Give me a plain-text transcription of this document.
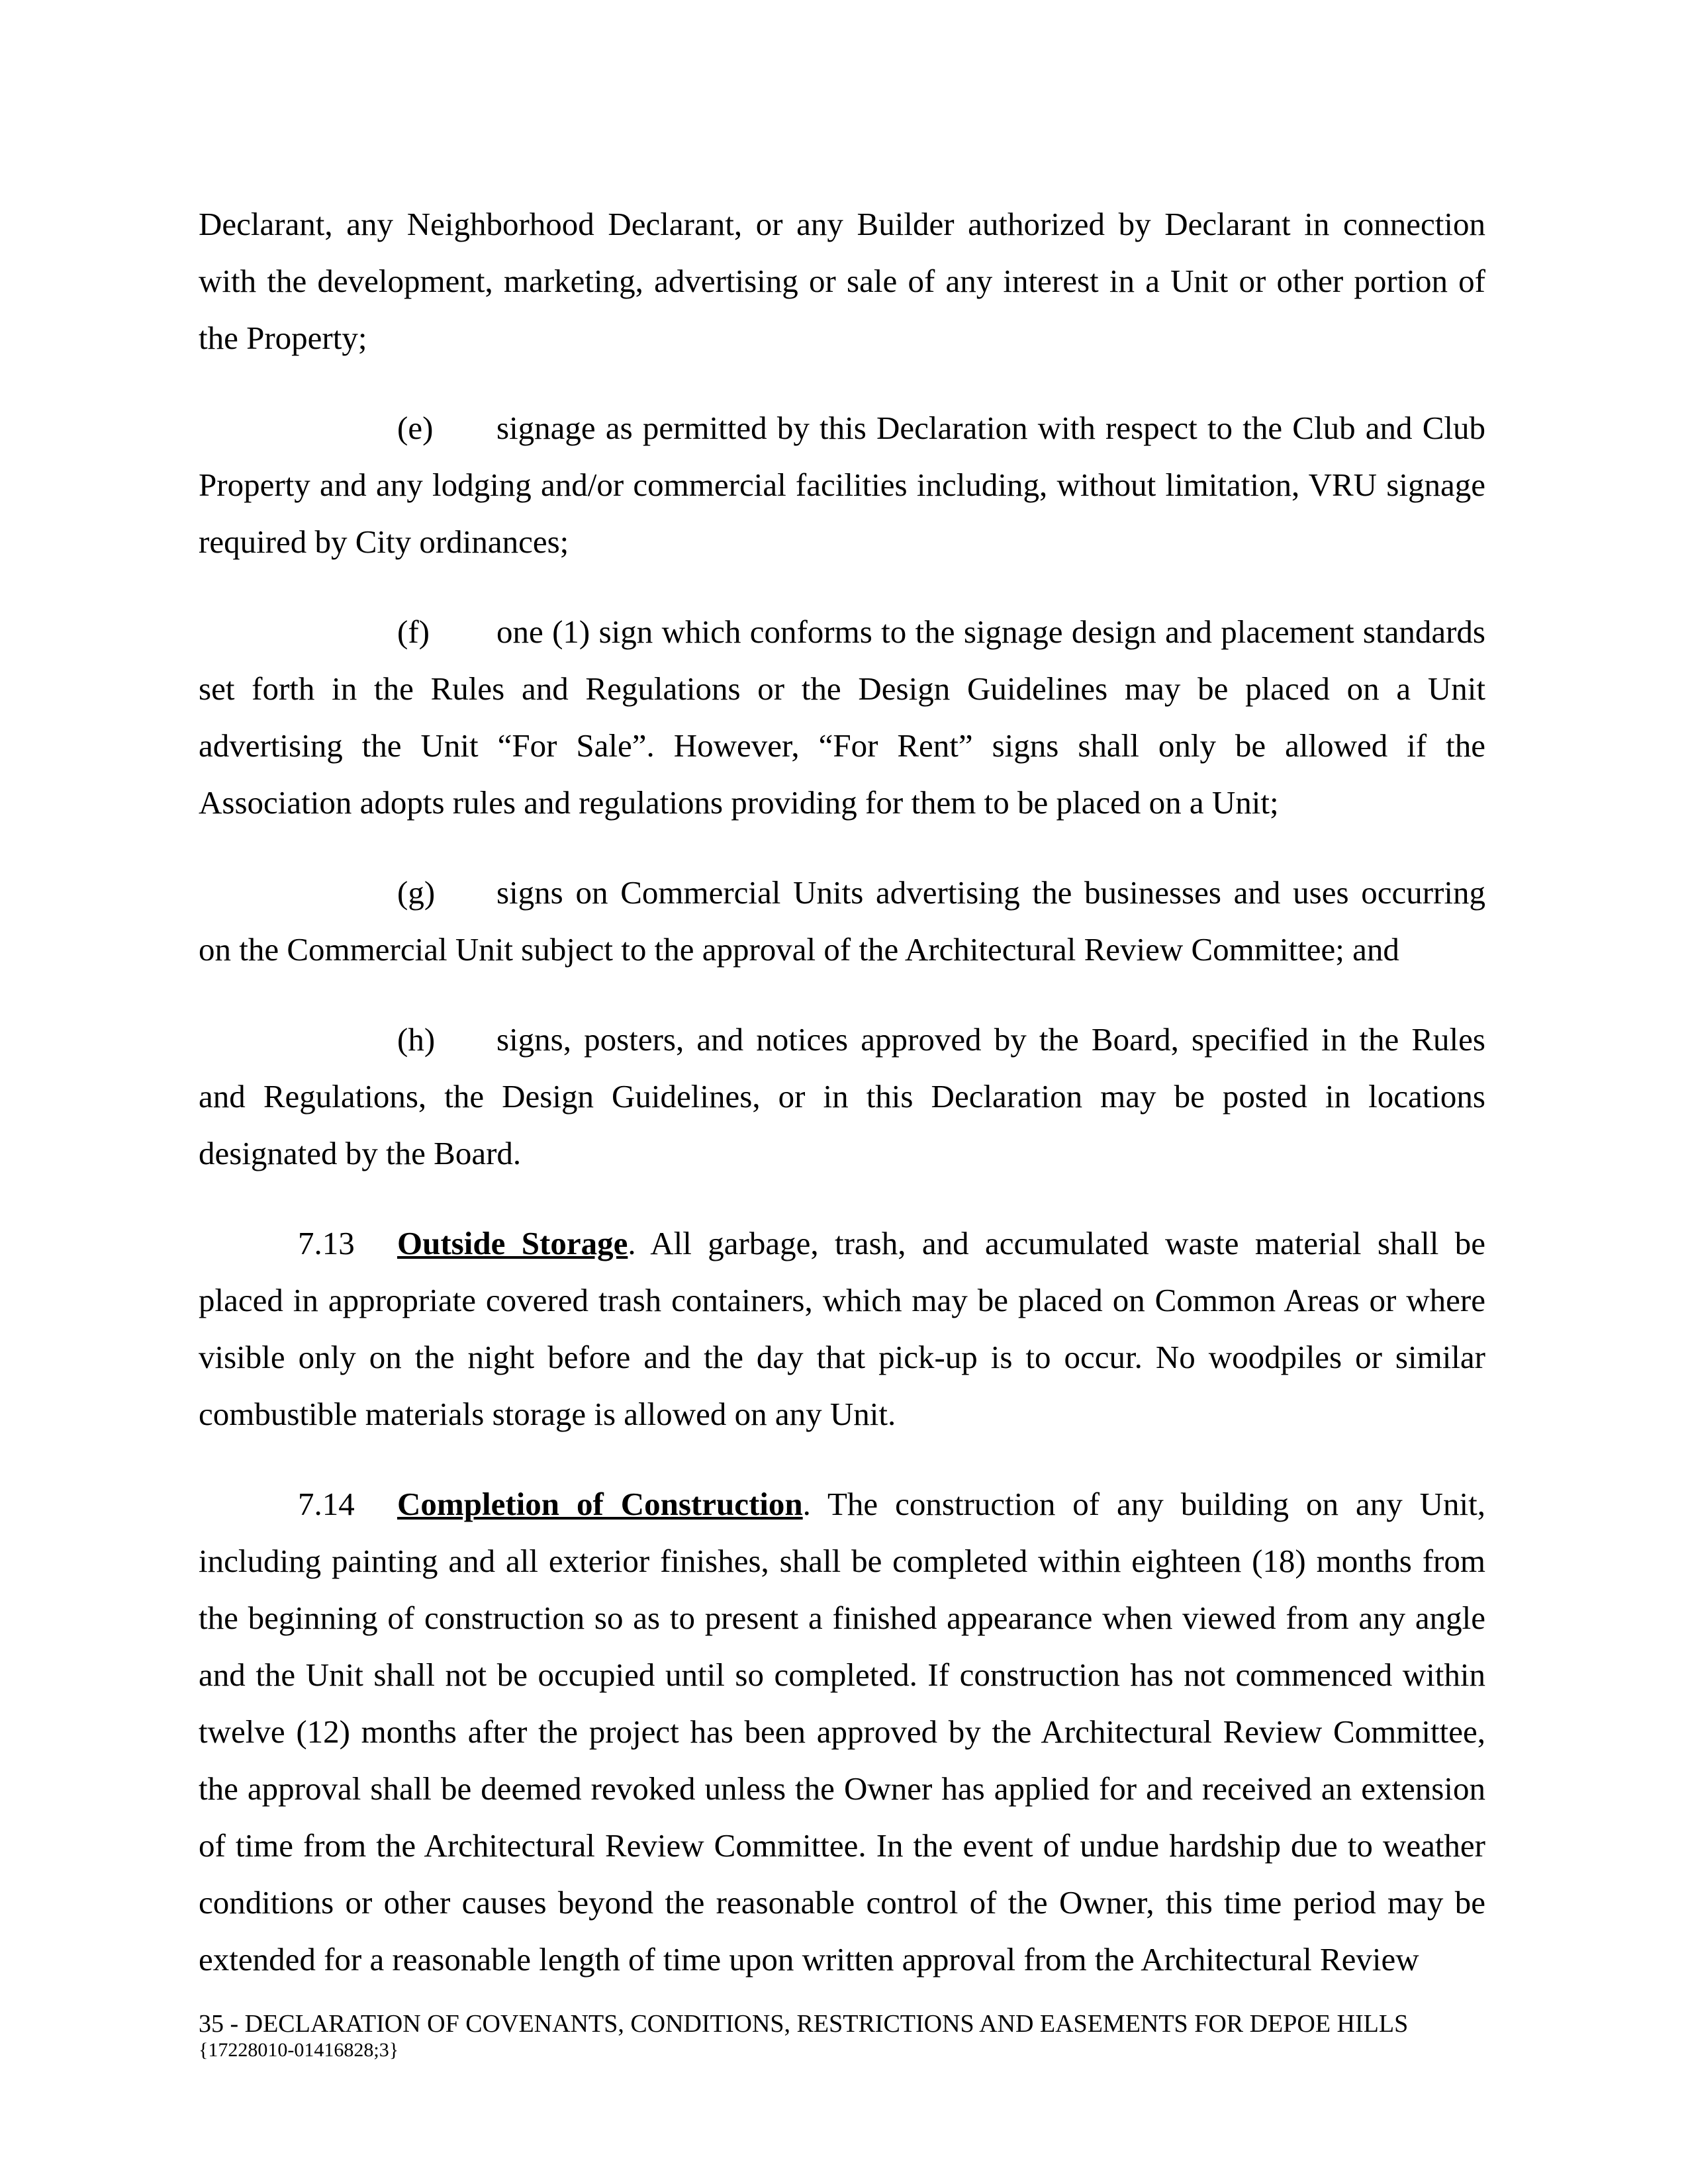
Declarant, any Neighborhood Declarant, or any Builder authorized by Declarant in connection with the development, marketing, advertising or sale of any interest in a Unit or other portion of the Property;

(e) signage as permitted by this Declaration with respect to the Club and Club Property and any lodging and/or commercial facilities including, without limitation, VRU signage required by City ordinances;

(f) one (1) sign which conforms to the signage design and placement standards set forth in the Rules and Regulations or the Design Guidelines may be placed on a Unit advertising the Unit “For Sale”. However, “For Rent” signs shall only be allowed if the Association adopts rules and regulations providing for them to be placed on a Unit;

(g) signs on Commercial Units advertising the businesses and uses occurring on the Commercial Unit subject to the approval of the Architectural Review Committee; and

(h) signs, posters, and notices approved by the Board, specified in the Rules and Regulations, the Design Guidelines, or in this Declaration may be posted in locations designated by the Board.

7.13 Outside Storage. All garbage, trash, and accumulated waste material shall be placed in appropriate covered trash containers, which may be placed on Common Areas or where visible only on the night before and the day that pick-up is to occur. No woodpiles or similar combustible materials storage is allowed on any Unit.

7.14 Completion of Construction. The construction of any building on any Unit, including painting and all exterior finishes, shall be completed within eighteen (18) months from the beginning of construction so as to present a finished appearance when viewed from any angle and the Unit shall not be occupied until so completed. If construction has not commenced within twelve (12) months after the project has been approved by the Architectural Review Committee, the approval shall be deemed revoked unless the Owner has applied for and received an extension of time from the Architectural Review Committee. In the event of undue hardship due to weather conditions or other causes beyond the reasonable control of the Owner, this time period may be extended for a reasonable length of time upon written approval from the Architectural Review

35 - DECLARATION OF COVENANTS, CONDITIONS, RESTRICTIONS AND EASEMENTS FOR DEPOE HILLS
{17228010-01416828;3}
